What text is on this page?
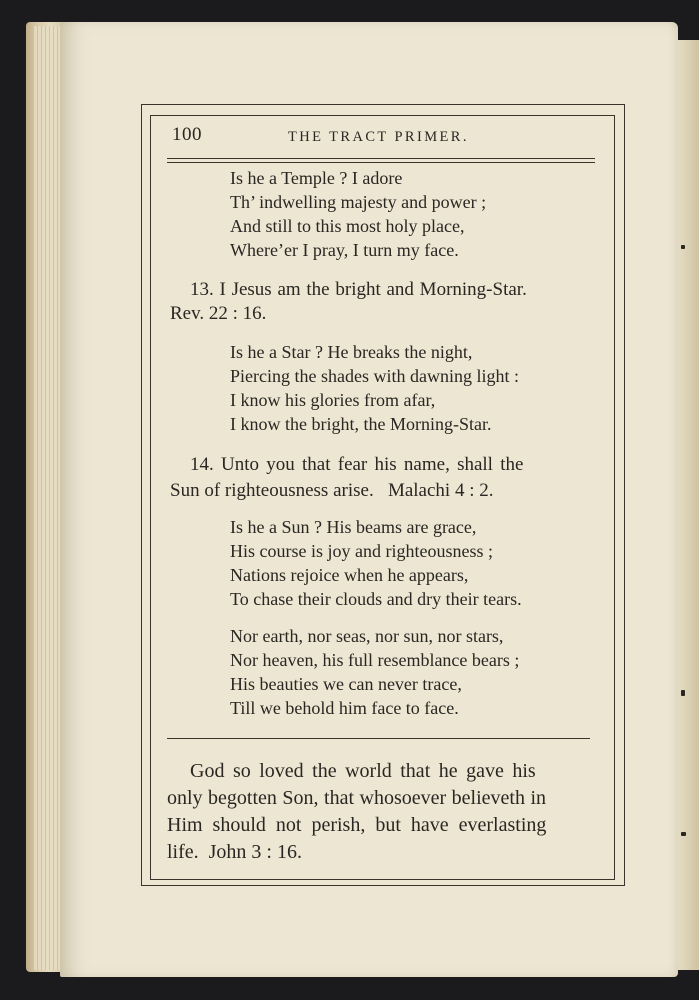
100	THE TRACT PRIMER.
Is he a Temple ? I adore
Th’ indwelling majesty and power ;
And still to this most holy place,
Where’er I pray, I turn my face.
13. I Jesus am the bright and Morning-Star.
Rev. 22 : 16.
Is he a Star ? He breaks the night,
Piercing the shades with dawning light :
I know his glories from afar,
I know the bright, the Morning-Star.
14. Unto you that fear his name, shall the
Sun of righteousness arise.   Malachi 4 : 2.
Is he a Sun ? His beams are grace,
His course is joy and righteousness ;
Nations rejoice when he appears,
To chase their clouds and dry their tears.
Nor earth, nor seas, nor sun, nor stars,
Nor heaven, his full resemblance bears ;
His beauties we can never trace,
Till we behold him face to face.
God so loved the world that he gave his
only begotten Son, that whosoever believeth in
Him should not perish, but have everlasting
life.  John 3 : 16.
